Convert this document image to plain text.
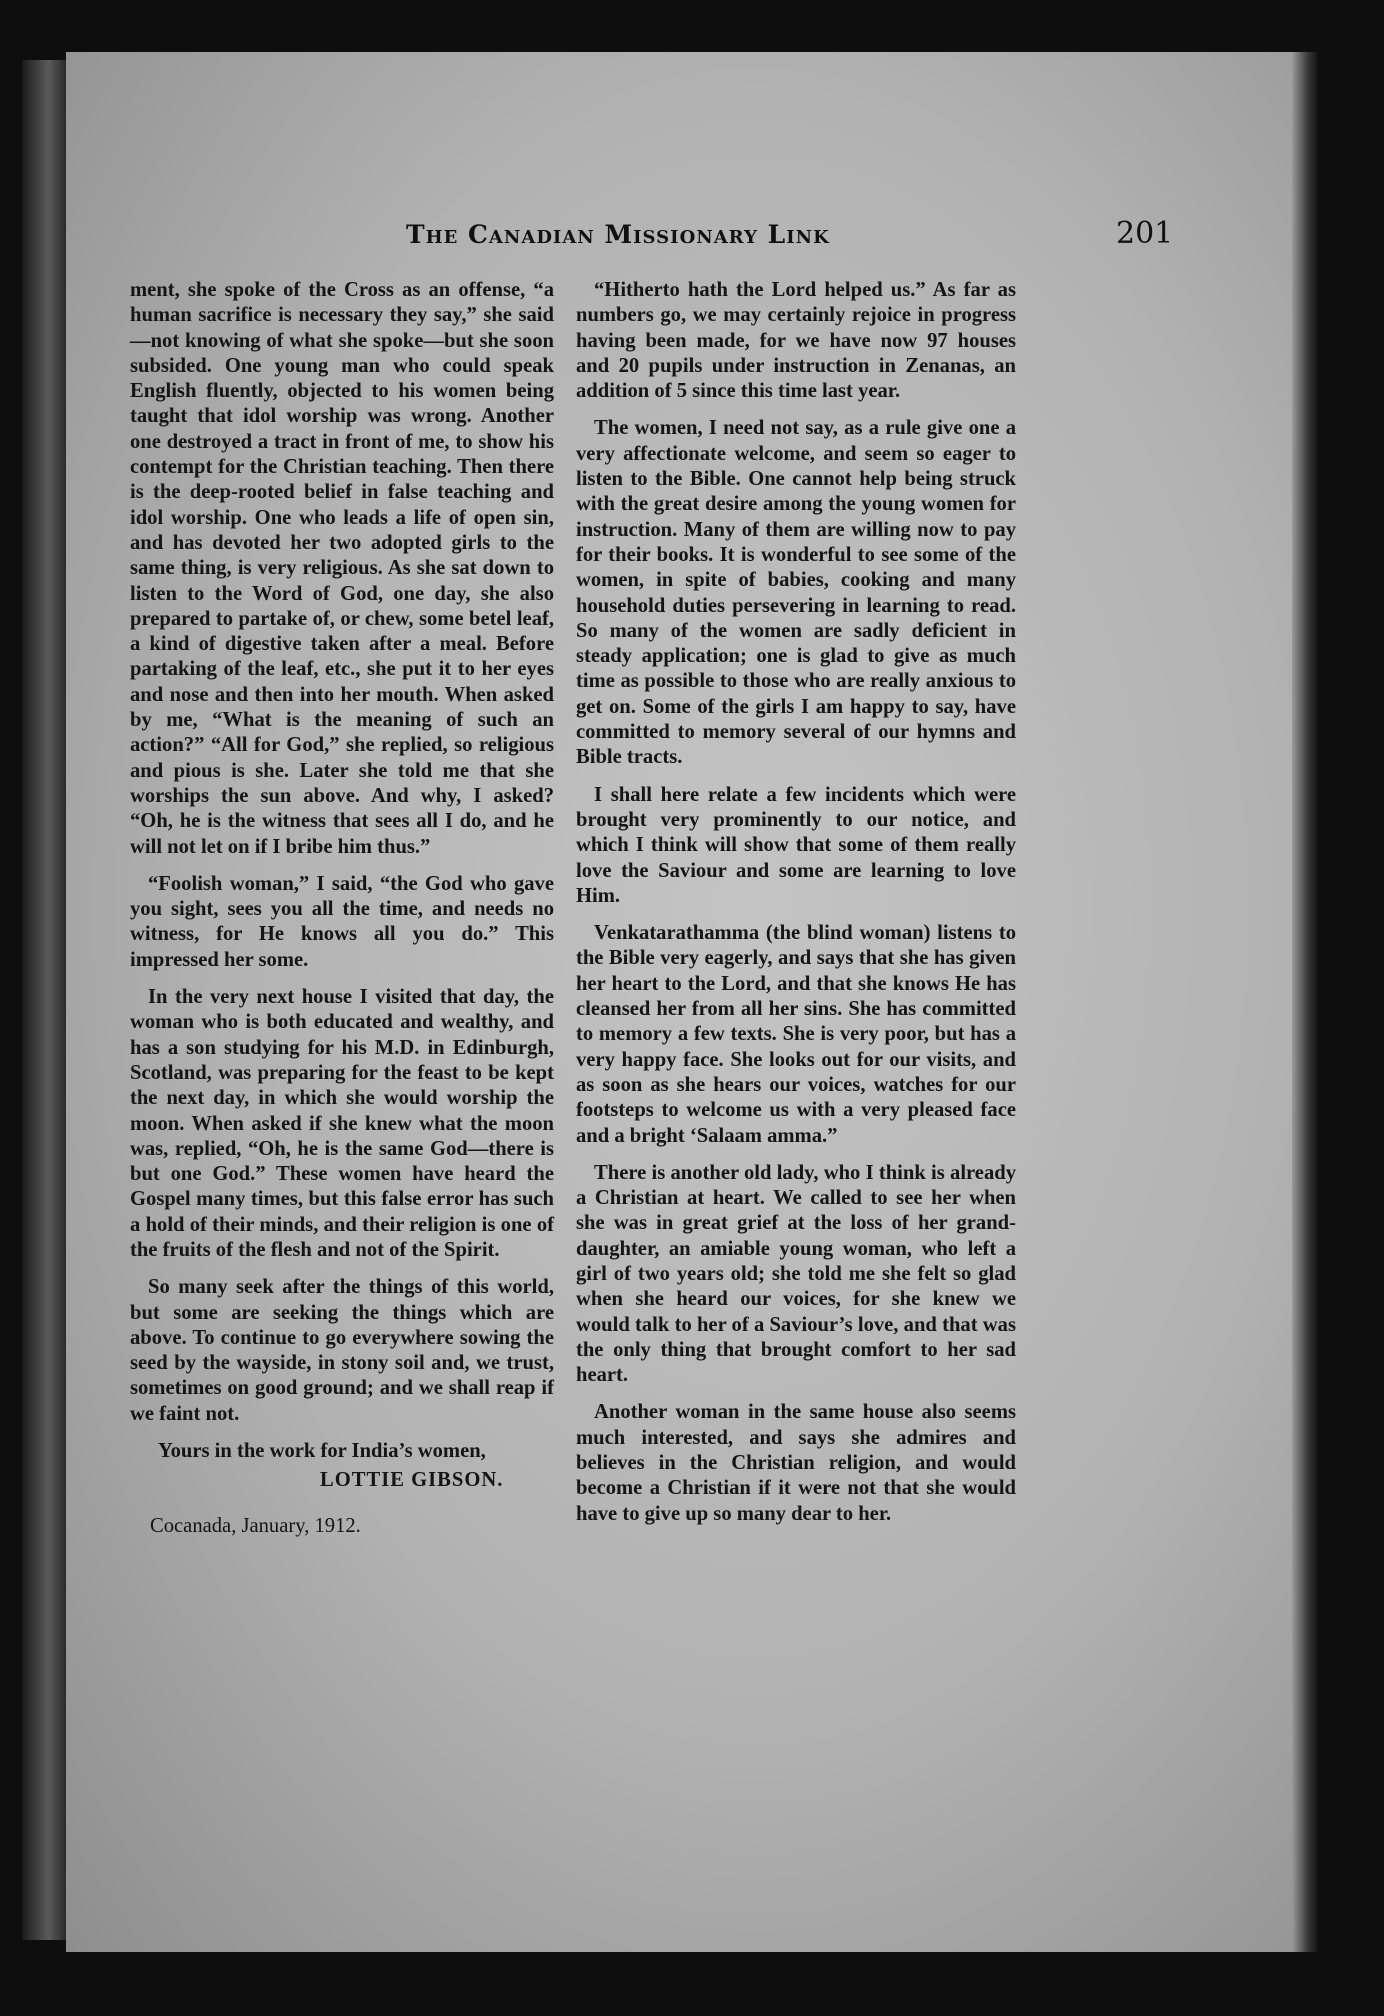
The Canadian Missionary Link	201

ment, she spoke of the Cross as an offense, “a human sacrifice is necessary they say,” she said—not knowing of what she spoke—but she soon subsided. One young man who could speak English fluently, objected to his women being taught that idol worship was wrong. Another one destroyed a tract in front of me, to show his contempt for the Christian teaching. Then there is the deep-rooted belief in false teaching and idol worship. One who leads a life of open sin, and has devoted her two adopted girls to the same thing, is very religious. As she sat down to listen to the Word of God, one day, she also prepared to partake of, or chew, some betel leaf, a kind of digestive taken after a meal. Before partaking of the leaf, etc., she put it to her eyes and nose and then into her mouth. When asked by me, “What is the meaning of such an action?” “All for God,” she replied, so religious and pious is she. Later she told me that she worships the sun above. And why, I asked? “Oh, he is the witness that sees all I do, and he will not let on if I bribe him thus.”

“Foolish woman,” I said, “the God who gave you sight, sees you all the time, and needs no witness, for He knows all you do.” This impressed her some.

In the very next house I visited that day, the woman who is both educated and wealthy, and has a son studying for his M.D. in Edinburgh, Scotland, was preparing for the feast to be kept the next day, in which she would worship the moon. When asked if she knew what the moon was, replied, “Oh, he is the same God—there is but one God.” These women have heard the Gospel many times, but this false error has such a hold of their minds, and their religion is one of the fruits of the flesh and not of the Spirit.

So many seek after the things of this world, but some are seeking the things which are above. To continue to go everywhere sowing the seed by the wayside, in stony soil and, we trust, sometimes on good ground; and we shall reap if we faint not.

Yours in the work for India’s women,
LOTTIE GIBSON.
Cocanada, January, 1912.

“Hitherto hath the Lord helped us.” As far as numbers go, we may certainly rejoice in progress having been made, for we have now 97 houses and 20 pupils under instruction in Zenanas, an addition of 5 since this time last year.

The women, I need not say, as a rule give one a very affectionate welcome, and seem so eager to listen to the Bible. One cannot help being struck with the great desire among the young women for instruction. Many of them are willing now to pay for their books. It is wonderful to see some of the women, in spite of babies, cooking and many household duties persevering in learning to read. So many of the women are sadly deficient in steady application; one is glad to give as much time as possible to those who are really anxious to get on. Some of the girls I am happy to say, have committed to memory several of our hymns and Bible tracts.

I shall here relate a few incidents which were brought very prominently to our notice, and which I think will show that some of them really love the Saviour and some are learning to love Him.

Venkatarathamma (the blind woman) listens to the Bible very eagerly, and says that she has given her heart to the Lord, and that she knows He has cleansed her from all her sins. She has committed to memory a few texts. She is very poor, but has a very happy face. She looks out for our visits, and as soon as she hears our voices, watches for our footsteps to welcome us with a very pleased face and a bright ‘Salaam amma.”

There is another old lady, who I think is already a Christian at heart. We called to see her when she was in great grief at the loss of her grand-daughter, an amiable young woman, who left a girl of two years old; she told me she felt so glad when she heard our voices, for she knew we would talk to her of a Saviour’s love, and that was the only thing that brought comfort to her sad heart.

Another woman in the same house also seems much interested, and says she admires and believes in the Christian religion, and would become a Christian if it were not that she would have to give up so many dear to her.
